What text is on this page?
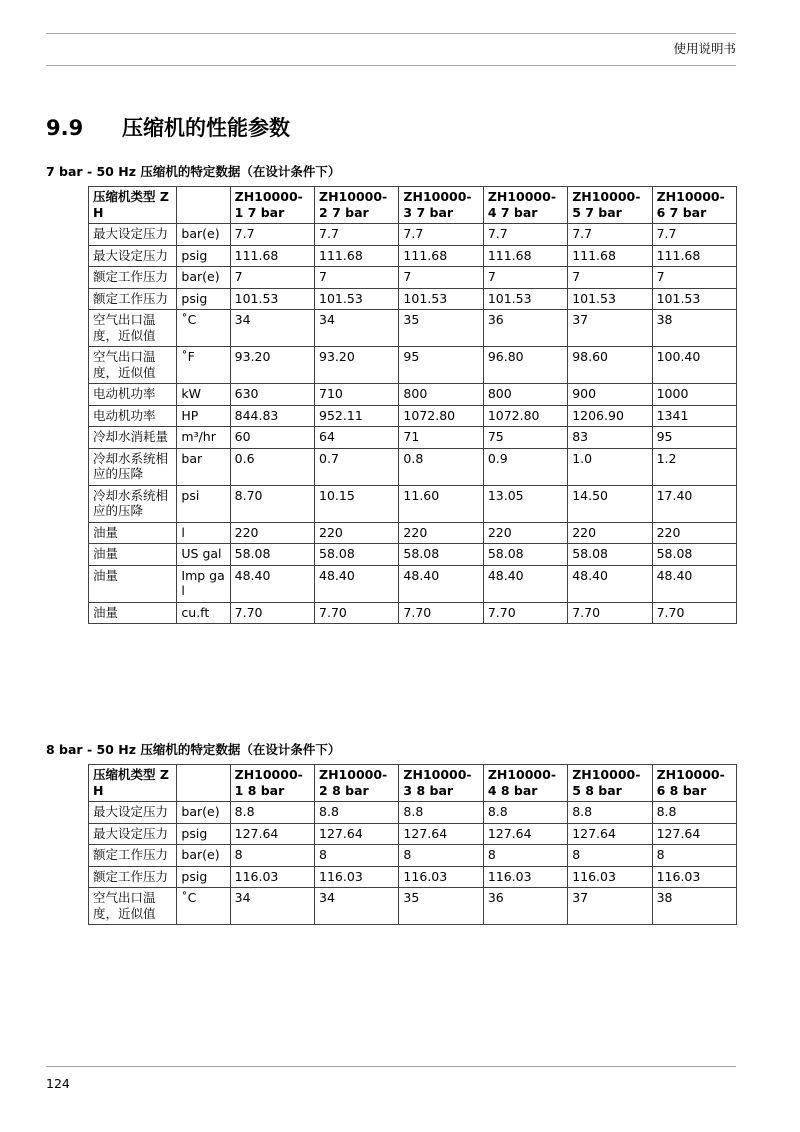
使用说明书
9.9 压缩机的性能参数
7 bar - 50 Hz 压缩机的特定数据（在设计条件下）
压缩机类型 ZH		ZH10000-1 7 bar	ZH10000-2 7 bar	ZH10000-3 7 bar	ZH10000-4 7 bar	ZH10000-5 7 bar	ZH10000-6 7 bar
最大设定压力	bar(e)	7.7	7.7	7.7	7.7	7.7	7.7
最大设定压力	psig	111.68	111.68	111.68	111.68	111.68	111.68
额定工作压力	bar(e)	7	7	7	7	7	7
额定工作压力	psig	101.53	101.53	101.53	101.53	101.53	101.53
空气出口温度，近似值	˚C	34	34	35	36	37	38
空气出口温度，近似值	˚F	93.20	93.20	95	96.80	98.60	100.40
电动机功率	kW	630	710	800	800	900	1000
电动机功率	HP	844.83	952.11	1072.80	1072.80	1206.90	1341
冷却水消耗量	m³/hr	60	64	71	75	83	95
冷却水系统相应的压降	bar	0.6	0.7	0.8	0.9	1.0	1.2
冷却水系统相应的压降	psi	8.70	10.15	11.60	13.05	14.50	17.40
油量	l	220	220	220	220	220	220
油量	US gal	58.08	58.08	58.08	58.08	58.08	58.08
油量	Imp gal	48.40	48.40	48.40	48.40	48.40	48.40
油量	cu.ft	7.70	7.70	7.70	7.70	7.70	7.70
8 bar - 50 Hz 压缩机的特定数据（在设计条件下）
压缩机类型 ZH		ZH10000-1 8 bar	ZH10000-2 8 bar	ZH10000-3 8 bar	ZH10000-4 8 bar	ZH10000-5 8 bar	ZH10000-6 8 bar
最大设定压力	bar(e)	8.8	8.8	8.8	8.8	8.8	8.8
最大设定压力	psig	127.64	127.64	127.64	127.64	127.64	127.64
额定工作压力	bar(e)	8	8	8	8	8	8
额定工作压力	psig	116.03	116.03	116.03	116.03	116.03	116.03
空气出口温度，近似值	˚C	34	34	35	36	37	38
124
